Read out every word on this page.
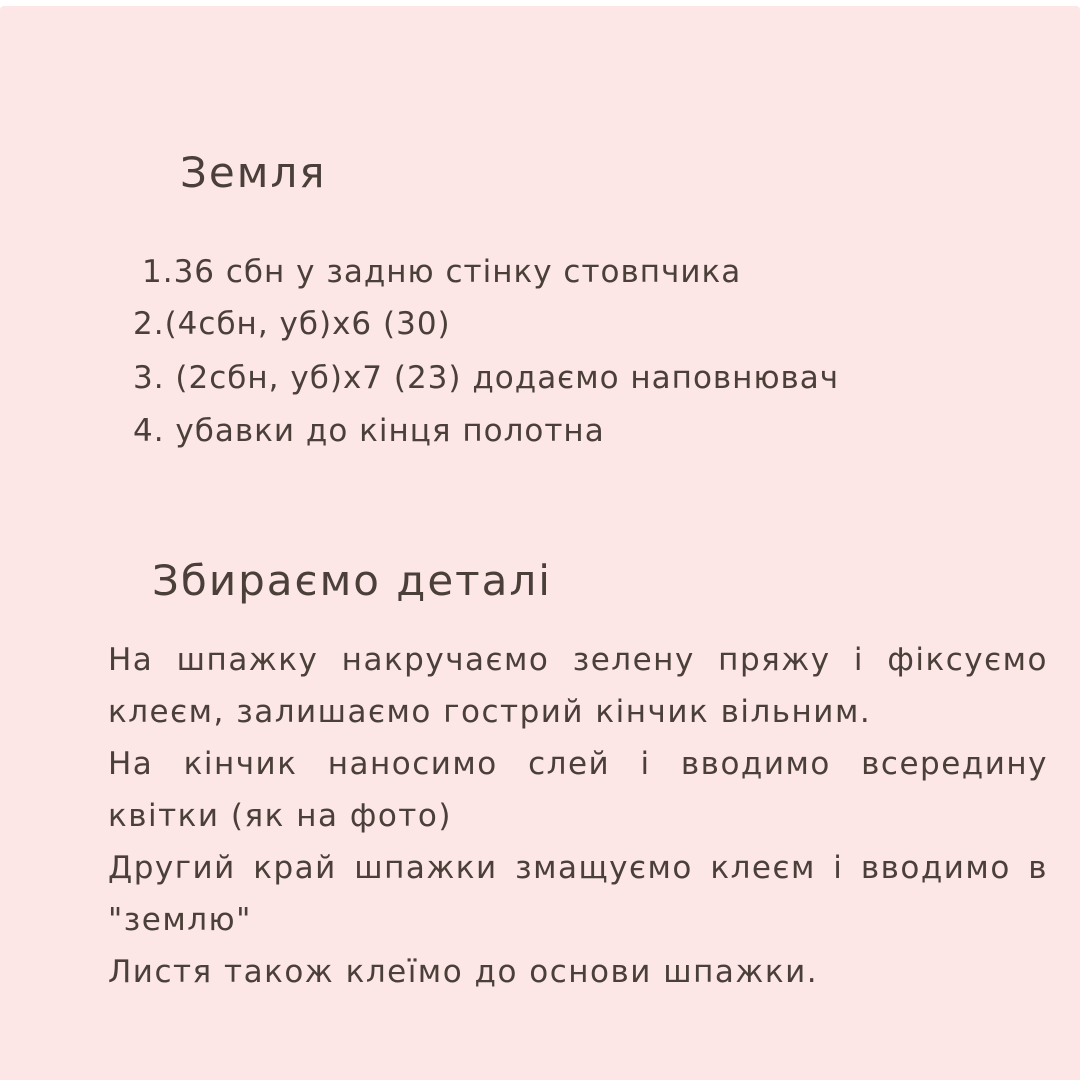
Земля
1.36 сбн у задню стінку стовпчика
2.(4сбн, уб)х6 (30)
3. (2сбн, уб)х7 (23) додаємо наповнювач
4. убавки до кінця полотна
Збираємо деталі
На шпажку накручаємо зелену пряжу і фіксуємо
клеєм, залишаємо гострий кінчик вільним.
На кінчик наносимо слей і вводимо всередину
квітки (як на фото)
Другий край шпажки змащуємо клеєм і вводимо в
"землю"
Листя також клеїмо до основи шпажки.
